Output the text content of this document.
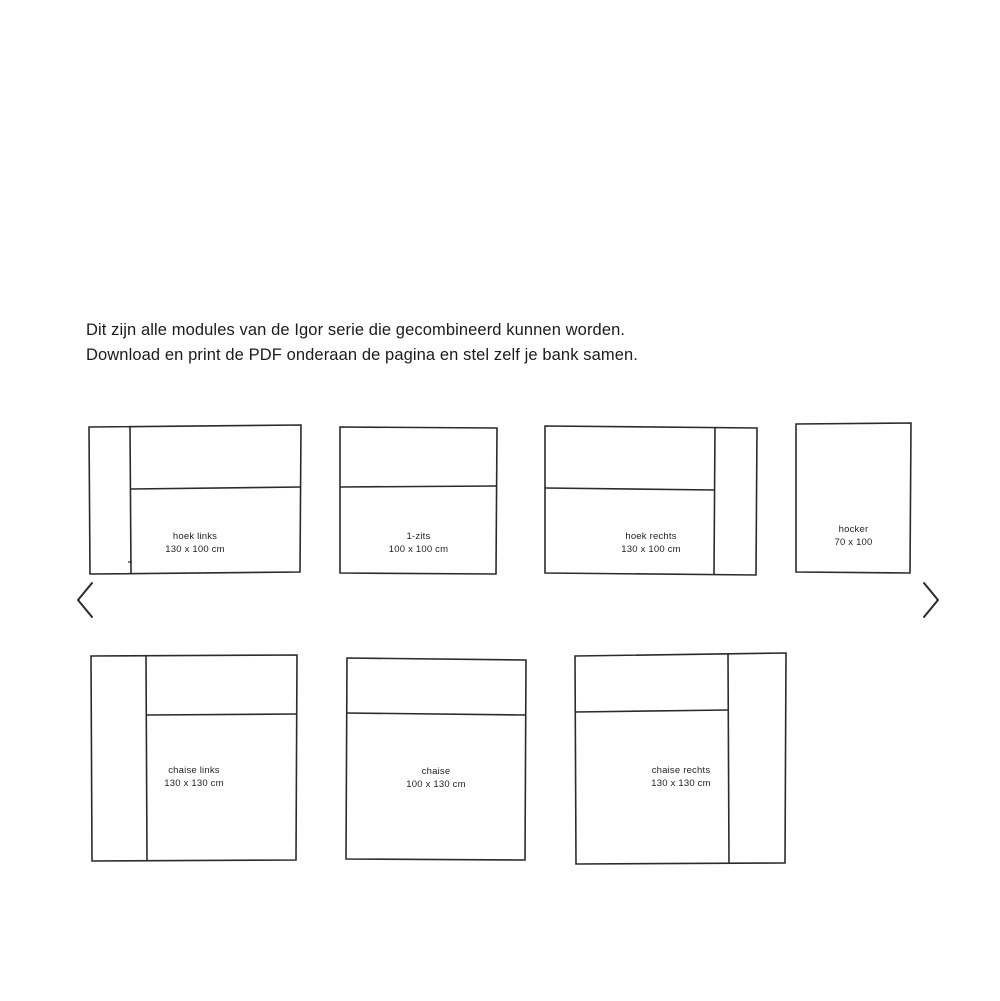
Dit zijn alle modules van de Igor serie die gecombineerd kunnen worden.
Download en print de PDF onderaan de pagina en stel zelf je bank samen.
hoek links
130 x 100 cm
1-zits
100 x 100 cm
hoek rechts
130 x 100 cm
hocker
70 x 100
chaise links
130 x 130 cm
chaise
100 x 130 cm
chaise rechts
130 x 130 cm
